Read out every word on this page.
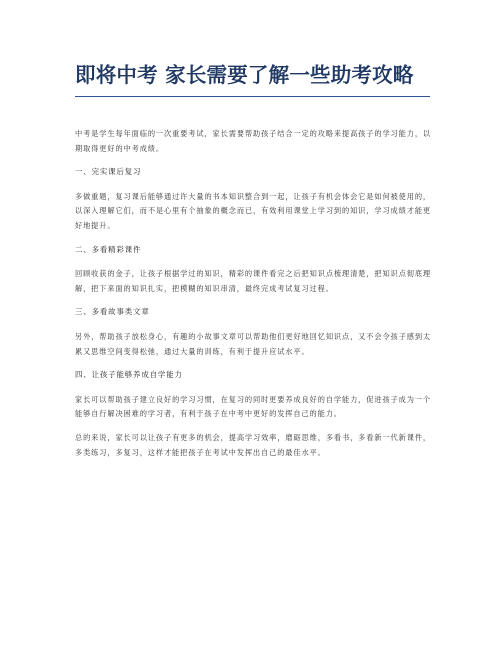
即将中考 家长需要了解一些助考攻略

中考是学生每年面临的一次重要考试，家长需要帮助孩子结合一定的攻略来提高孩子的学习能力，以期取得更好的中考成绩。

一、完实课后复习

多做重题，复习课后能够通过许大量的书本知识整合到一起，让孩子有机会体会它是如何被使用的，以深入理解它们，而不是心里有个抽象的概念而已，有效利用课堂上学习到的知识，学习成绩才能更好地提升。

二、多看精彩课件

回顾收获的金子，让孩子根据学过的知识，精彩的课件看完之后把知识点梳理清楚，把知识点彻底理解，把下来面的知识扎实，把模糊的知识串清，最终完成考试复习过程。

三、多看故事类文章

另外，帮助孩子放松身心，有趣的小故事文章可以帮助他们更好地回忆知识点，又不会令孩子感到太累又思维空间变得松弛，通过大量的训练，有利于提升应试水平。

四、让孩子能够养成自学能力

家长可以帮助孩子建立良好的学习习惯，在复习的同时更要养成良好的自学能力，促进孩子成为一个能够自行解决困难的学习者，有利于孩子在中考中更好的发挥自己的能力。

总的来说，家长可以让孩子有更多的机会，提高学习效率，磨砺思维，多看书，多看新一代新课件，多类练习，多复习，这样才能把孩子在考试中发挥出自己的最佳水平。
